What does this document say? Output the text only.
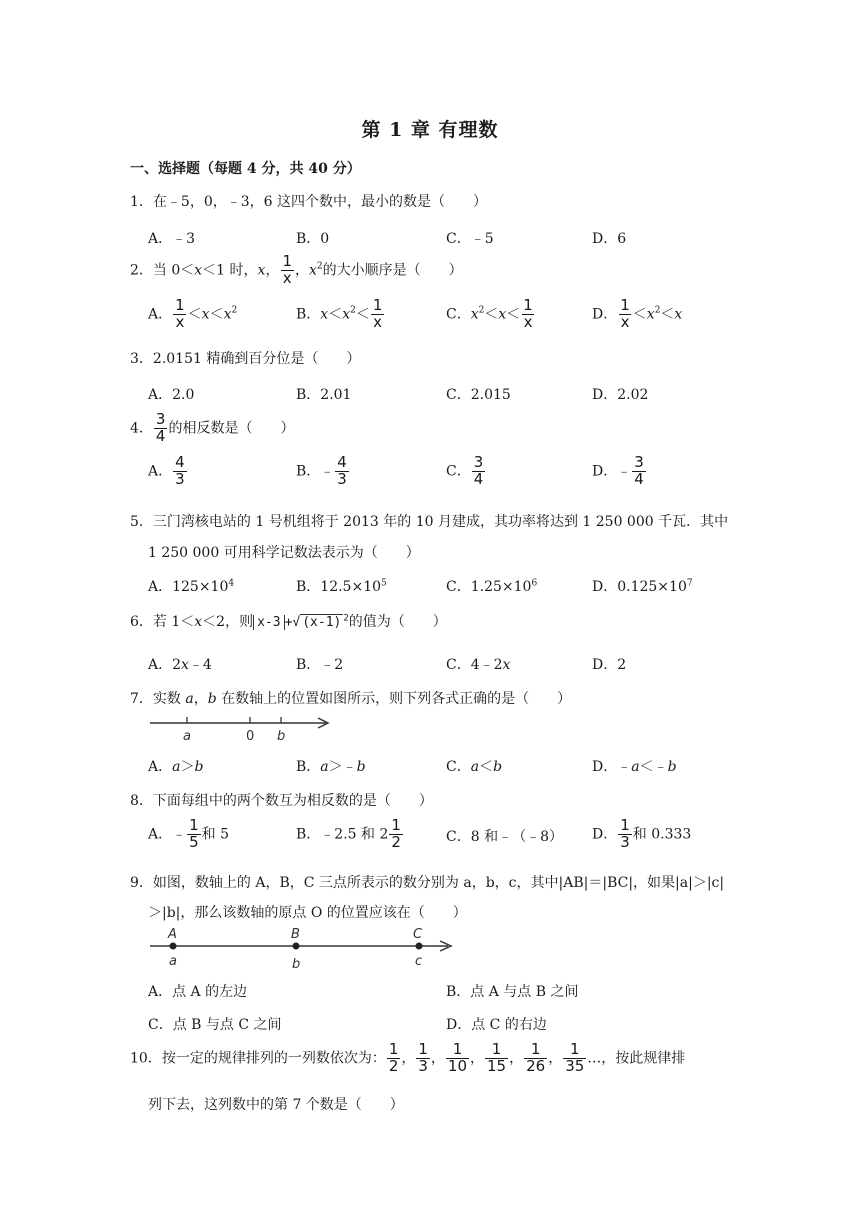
第 1 章 有理数
一、选择题（每题 4 分，共 40 分）
1．在﹣5，0，﹣3，6 这四个数中，最小的数是（　　）
A．﹣3	B．0	C．﹣5	D．6
2．当 0＜x＜1 时，x， $\frac{1}{x}$ ，$x^2$的大小顺序是（　　）
A． $\frac{1}{x} <x<x^2$	B．$x<x^2< \frac{1}{x}$	C．$x^2<x< \frac{1}{x}$	D． $\frac{1}{x} <x^2<x$
3．2.0151 精确到百分位是（　　）
A．2.0	B．2.01	C．2.015	D．2.02
4． $\frac{3}{4}$ 的相反数是（　　）
A． $\frac{4}{3}$	B．﹣ $\frac{4}{3}$	C． $\frac{3}{4}$	D．﹣ $\frac{3}{4}$
5．三门湾核电站的 1 号机组将于 2013 年的 10 月建成，其功率将达到 1 250 000 千瓦．其中
1 250 000 可用科学记数法表示为（　　）
A．$125\times 10^4$	B．$12.5\times 10^5$	C．$1.25\times 10^6$	D．$0.125\times 10^7$
6．若 1＜x＜2，则 x-3 +√ (x-1) $^2$的值为（　　）
A．2x﹣4	B．﹣2	C．4﹣2x	D．2
7．实数 a，b 在数轴上的位置如图所示，则下列各式正确的是（　　）
a	0 b
A．a＞b	B．a＞﹣b	C．a＜b	D．﹣a＜﹣b
8．下面每组中的两个数互为相反数的是（　　）
A．﹣ $\frac{1}{5}$ 和 5	B．﹣2.5 和 $2 \frac{1}{2}$	C．8 和﹣（﹣8） D． $\frac{1}{3}$ 和 0.333
9．如图，数轴上的 A，B，C 三点所表示的数分别为 a，b，c，其中|AB|＝|BC|，如果|a|＞|c|
＞|b|，那么该数轴的原点 O 的位置应该在（　　）
A	B	C
a	b	c
A．点 A 的左边	B．点 A 与点 B 之间
C．点 B 与点 C 之间	D．点 C 的右边
10．按一定的规律排列的一列数依次为： $\frac{1}{2}$ ， $\frac{1}{3}$ ， $\frac{1}{10}$ ， $\frac{1}{15}$ ， $\frac{1}{26}$ ， $\frac{1}{35}$ …，按此规律排
列下去，这列数中的第 7 个数是（　　）
